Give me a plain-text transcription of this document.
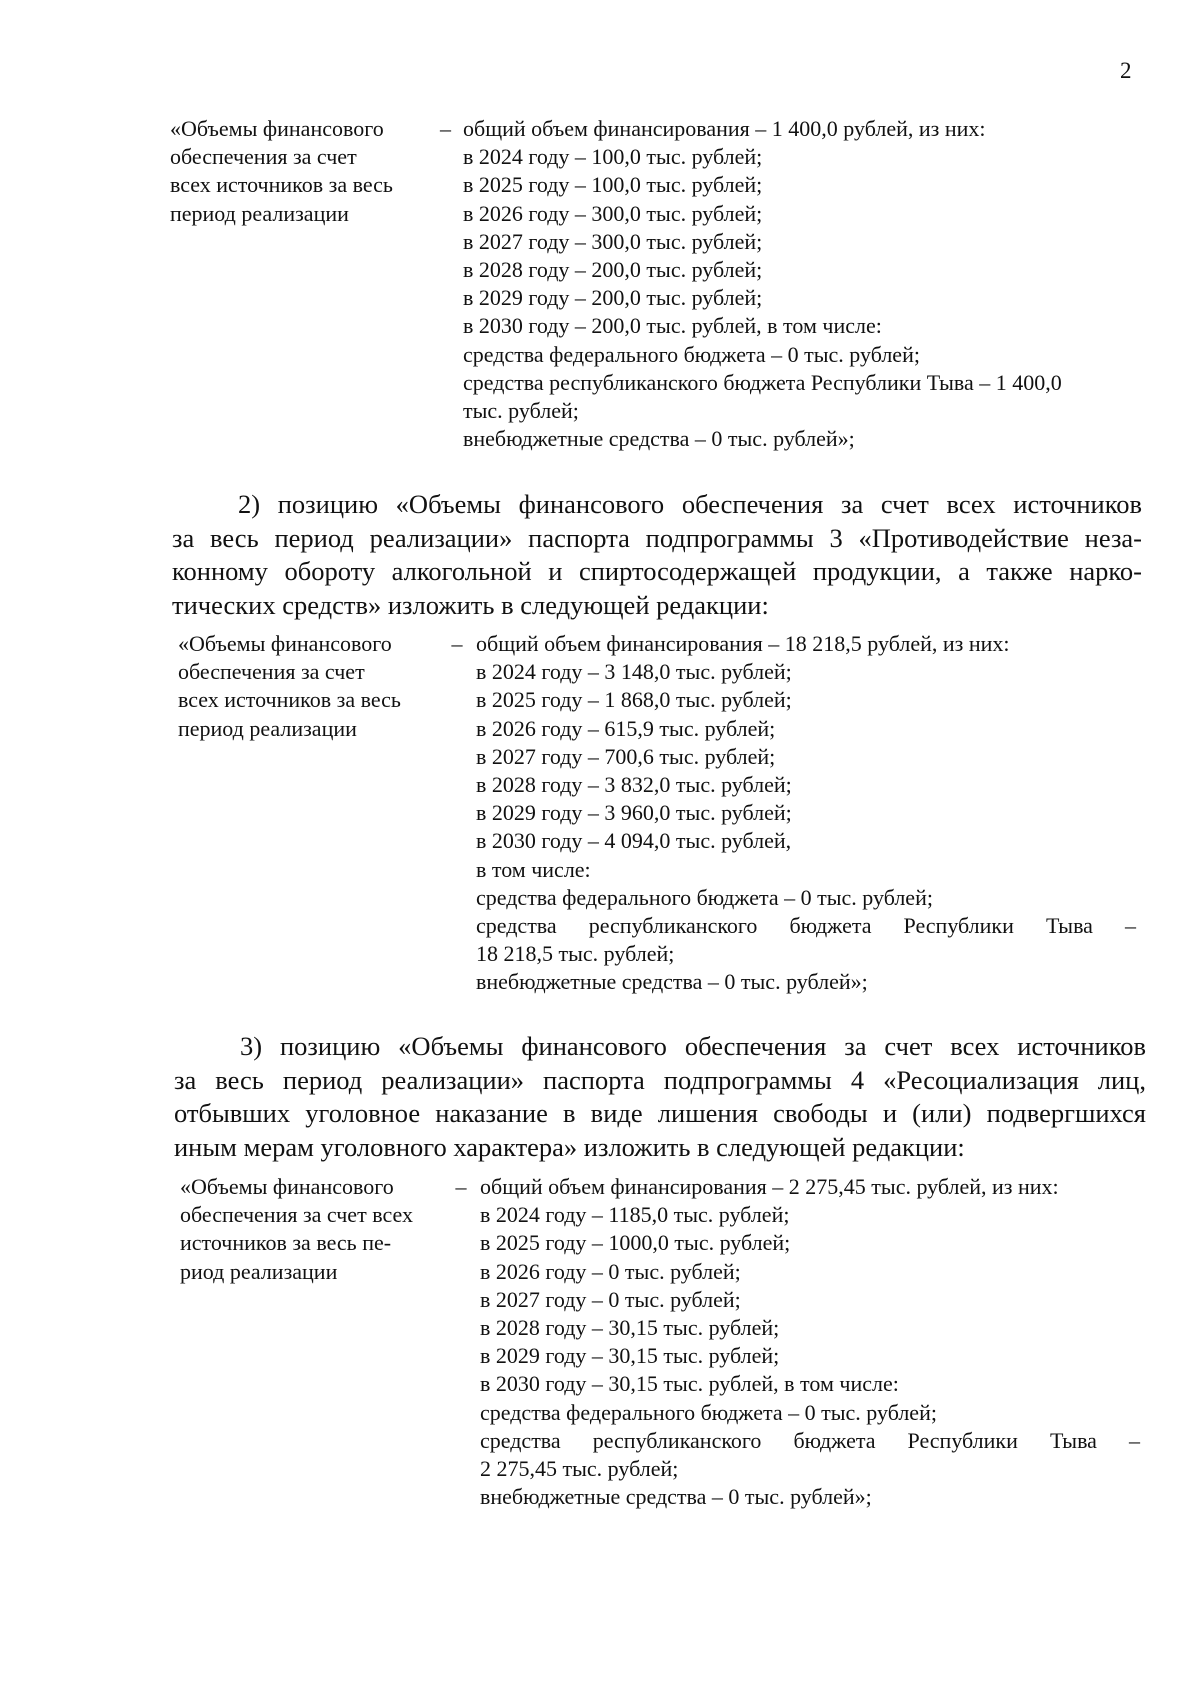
2
«Объемы финансового
обеспечения за счет
всех источников за весь
период реализации
– общий объем финансирования – 1 400,0 рублей, из них:
в 2024 году – 100,0 тыс. рублей;
в 2025 году – 100,0 тыс. рублей;
в 2026 году – 300,0 тыс. рублей;
в 2027 году – 300,0 тыс. рублей;
в 2028 году – 200,0 тыс. рублей;
в 2029 году – 200,0 тыс. рублей;
в 2030 году – 200,0 тыс. рублей, в том числе:
средства федерального бюджета – 0 тыс. рублей;
средства республиканского бюджета Республики Тыва – 1 400,0
тыс. рублей;
внебюджетные средства – 0 тыс. рублей»;
2) позицию «Объемы финансового обеспечения за счет всех источников
за весь период реализации» паспорта подпрограммы 3 «Противодействие неза-
конному обороту алкогольной и спиртосодержащей продукции, а также нарко-
тических средств» изложить в следующей редакции:
«Объемы финансового
обеспечения за счет
всех источников за весь
период реализации
– общий объем финансирования – 18 218,5 рублей, из них:
в 2024 году – 3 148,0 тыс. рублей;
в 2025 году – 1 868,0 тыс. рублей;
в 2026 году – 615,9 тыс. рублей;
в 2027 году – 700,6 тыс. рублей;
в 2028 году – 3 832,0 тыс. рублей;
в 2029 году – 3 960,0 тыс. рублей;
в 2030 году – 4 094,0 тыс. рублей,
в том числе:
средства федерального бюджета – 0 тыс. рублей;
средства республиканского бюджета Республики Тыва –
18 218,5 тыс. рублей;
внебюджетные средства – 0 тыс. рублей»;
3) позицию «Объемы финансового обеспечения за счет всех источников
за весь период реализации» паспорта подпрограммы 4 «Ресоциализация лиц,
отбывших уголовное наказание в виде лишения свободы и (или) подвергшихся
иным мерам уголовного характера» изложить в следующей редакции:
«Объемы финансового
обеспечения за счет всех
источников за весь пе-
риод реализации
– общий объем финансирования – 2 275,45 тыс. рублей, из них:
в 2024 году – 1185,0 тыс. рублей;
в 2025 году – 1000,0 тыс. рублей;
в 2026 году – 0 тыс. рублей;
в 2027 году – 0 тыс. рублей;
в 2028 году – 30,15 тыс. рублей;
в 2029 году – 30,15 тыс. рублей;
в 2030 году – 30,15 тыс. рублей, в том числе:
средства федерального бюджета – 0 тыс. рублей;
средства республиканского бюджета Республики Тыва –
2 275,45 тыс. рублей;
внебюджетные средства – 0 тыс. рублей»;
